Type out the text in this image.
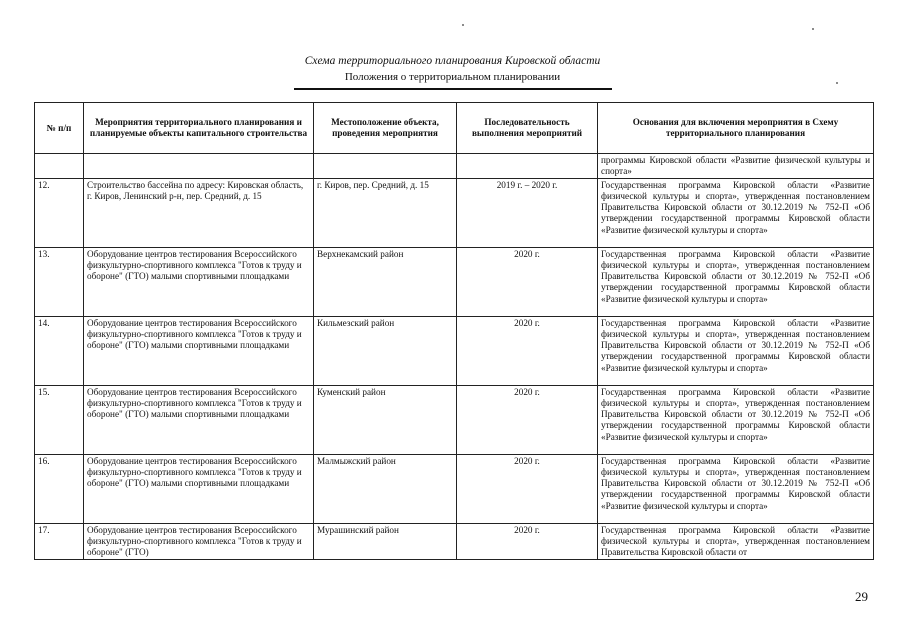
Схема территориального планирования Кировской области
Положения о территориальном планировании
№ п/п	Мероприятия территориального планирования и планируемые объекты капитального строительства	Местоположение объекта, проведения мероприятия	Последовательность выполнения мероприятий	Основания для включения мероприятия в Схему территориального планирования
				программы Кировской области «Развитие физической культуры и спорта»
12.	Строительство бассейна по адресу: Кировская область, г. Киров, Ленинский р-н, пер. Средний, д. 15	г. Киров, пер. Средний, д. 15	2019 г. – 2020 г.	Государственная программа Кировской области «Развитие физической культуры и спорта», утвержденная постановлением Правительства Кировской области от 30.12.2019 № 752-П «Об утверждении государственной программы Кировской области «Развитие физической культуры и спорта»
13.	Оборудование центров тестирования Всероссийского физкультурно-спортивного комплекса "Готов к труду и обороне" (ГТО) малыми спортивными площадками	Верхнекамский район	2020 г.	Государственная программа Кировской области «Развитие физической культуры и спорта», утвержденная постановлением Правительства Кировской области от 30.12.2019 № 752-П «Об утверждении государственной программы Кировской области «Развитие физической культуры и спорта»
14.	Оборудование центров тестирования Всероссийского физкультурно-спортивного комплекса "Готов к труду и обороне" (ГТО) малыми спортивными площадками	Кильмезский район	2020 г.	Государственная программа Кировской области «Развитие физической культуры и спорта», утвержденная постановлением Правительства Кировской области от 30.12.2019 № 752-П «Об утверждении государственной программы Кировской области «Развитие физической культуры и спорта»
15.	Оборудование центров тестирования Всероссийского физкультурно-спортивного комплекса "Готов к труду и обороне" (ГТО) малыми спортивными площадками	Куменский район	2020 г.	Государственная программа Кировской области «Развитие физической культуры и спорта», утвержденная постановлением Правительства Кировской области от 30.12.2019 № 752-П «Об утверждении государственной программы Кировской области «Развитие физической культуры и спорта»
16.	Оборудование центров тестирования Всероссийского физкультурно-спортивного комплекса "Готов к труду и обороне" (ГТО) малыми спортивными площадками	Малмыжский район	2020 г.	Государственная программа Кировской области «Развитие физической культуры и спорта», утвержденная постановлением Правительства Кировской области от 30.12.2019 № 752-П «Об утверждении государственной программы Кировской области «Развитие физической культуры и спорта»
17.	Оборудование центров тестирования Всероссийского физкультурно-спортивного комплекса "Готов к труду и обороне" (ГТО)	Мурашинский район	2020 г.	Государственная программа Кировской области «Развитие физической культуры и спорта», утвержденная постановлением Правительства Кировской области от
29
